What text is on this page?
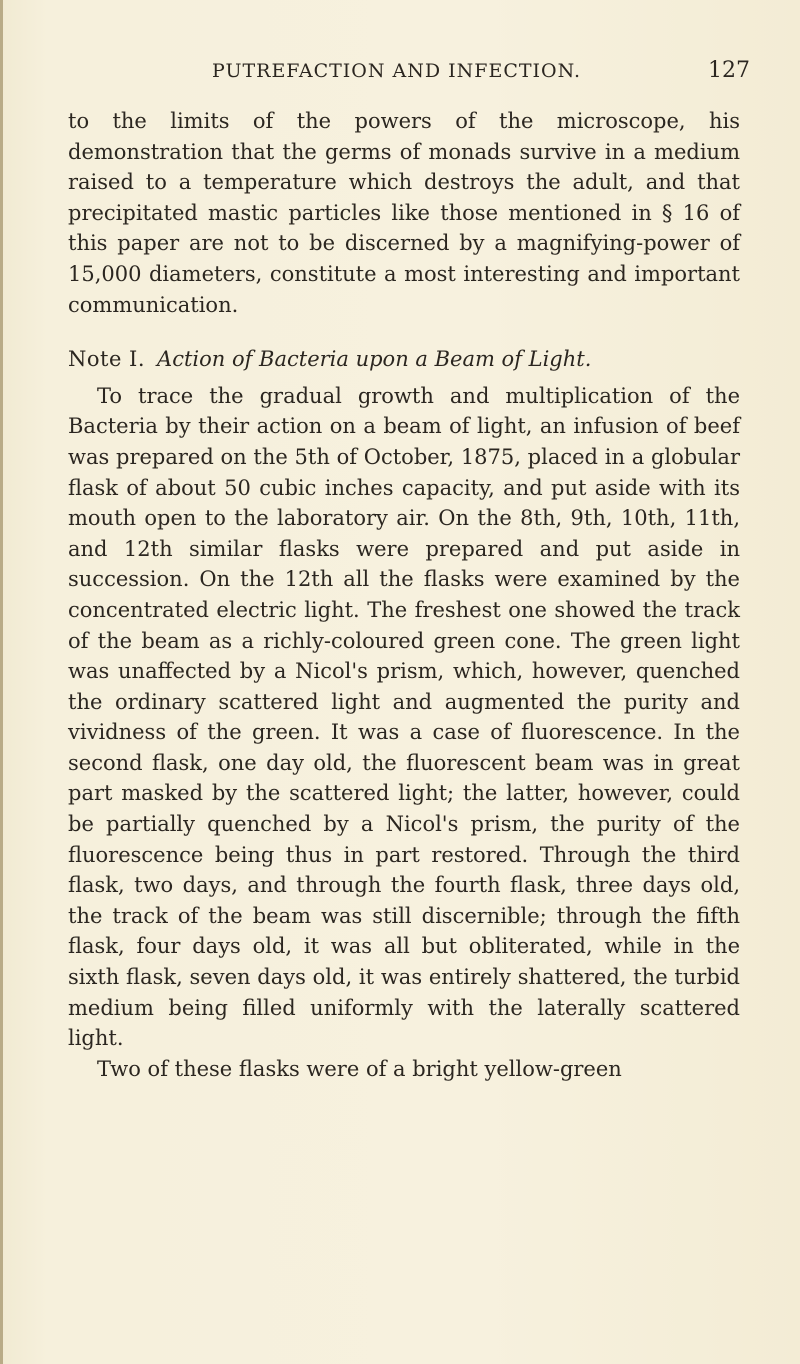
PUTREFACTION AND INFECTION.	127

to the limits of the powers of the microscope, his demonstration that the germs of monads survive in a medium raised to a temperature which destroys the adult, and that precipitated mastic particles like those mentioned in § 16 of this paper are not to be discerned by a magnifying-power of 15,000 diameters, constitute a most interesting and important communication.

Note I. Action of Bacteria upon a Beam of Light.

To trace the gradual growth and multiplication of the Bacteria by their action on a beam of light, an infusion of beef was prepared on the 5th of October, 1875, placed in a globular flask of about 50 cubic inches capacity, and put aside with its mouth open to the laboratory air. On the 8th, 9th, 10th, 11th, and 12th similar flasks were prepared and put aside in succession. On the 12th all the flasks were examined by the concentrated electric light. The freshest one showed the track of the beam as a richly-coloured green cone. The green light was unaffected by a Nicol's prism, which, however, quenched the ordinary scattered light and augmented the purity and vividness of the green. It was a case of fluorescence. In the second flask, one day old, the fluorescent beam was in great part masked by the scattered light; the latter, however, could be partially quenched by a Nicol's prism, the purity of the fluorescence being thus in part restored. Through the third flask, two days, and through the fourth flask, three days old, the track of the beam was still discernible; through the fifth flask, four days old, it was all but obliterated, while in the sixth flask, seven days old, it was entirely shattered, the turbid medium being filled uniformly with the laterally scattered light.

Two of these flasks were of a bright yellow-green
